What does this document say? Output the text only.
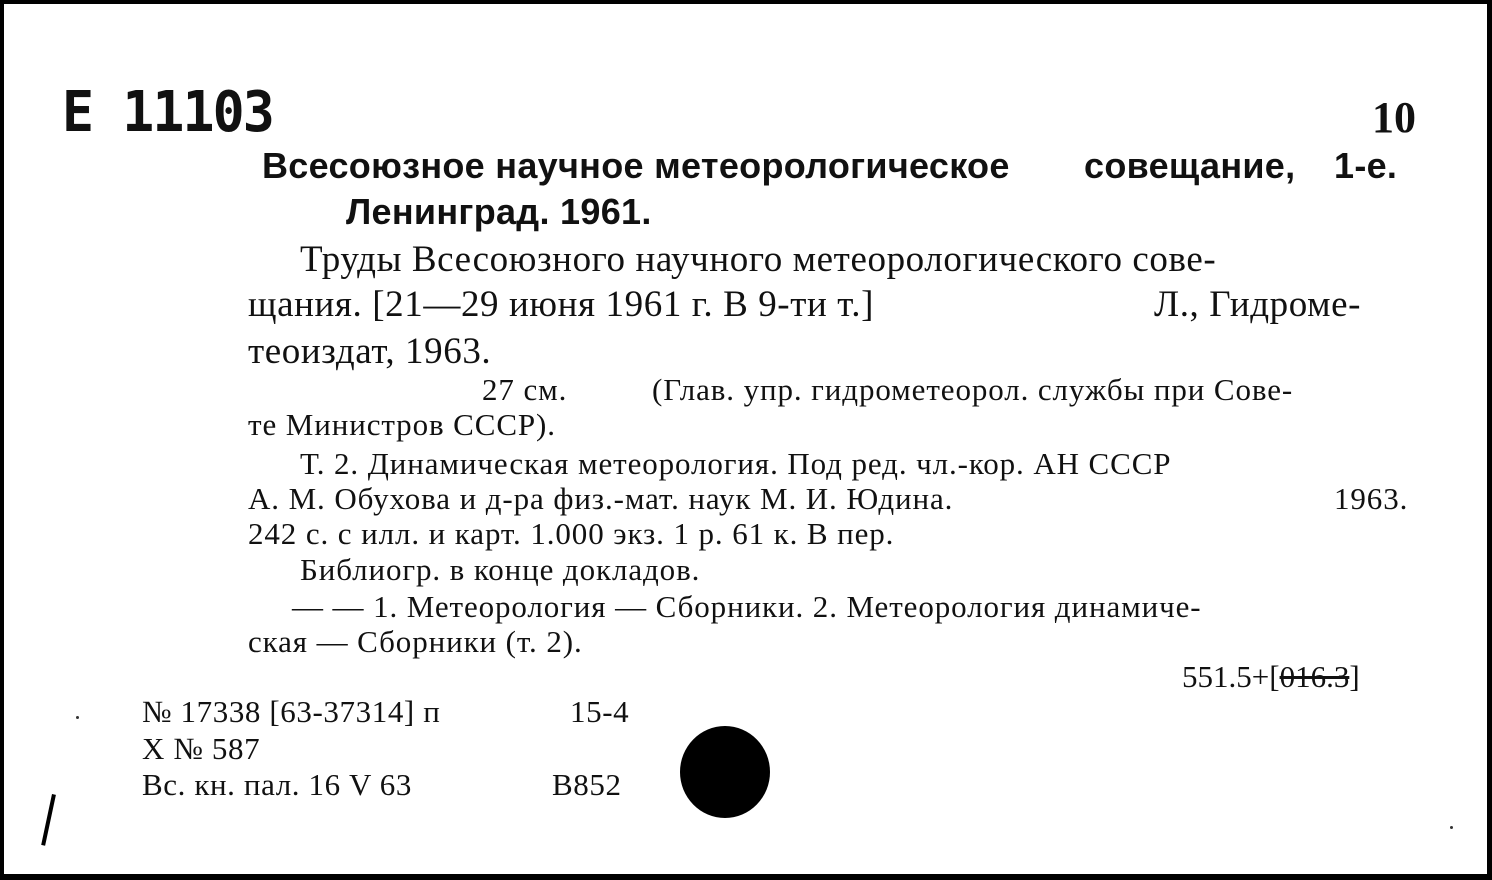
E 11103	10
Всесоюзное научное метеорологическое совещание, 1-е.
Ленинград. 1961.
Труды Всесоюзного научного метеорологического сове-
щания. [21—29 июня 1961 г. В 9-ти т.]	Л., Гидроме-
теоиздат, 1963.
27 см.	(Глав. упр. гидрометеорол. службы при Сове-
те Министров СССР).
Т. 2. Динамическая метеорология. Под ред. чл.-кор. АН СССР
А. М. Обухова и д-ра физ.-мат. наук М. И. Юдина.	1963.
242 с. с илл. и карт. 1.000 экз. 1 р. 61 к. В пер.
Библиогр. в конце докладов.
— — 1. Метеорология — Сборники. 2. Метеорология динамиче-
ская — Сборники (т. 2).
551.5+[016.3]
№ 17338 [63-37314] п	15-4
Х № 587
Вс. кн. пал. 16 V 63	В852
